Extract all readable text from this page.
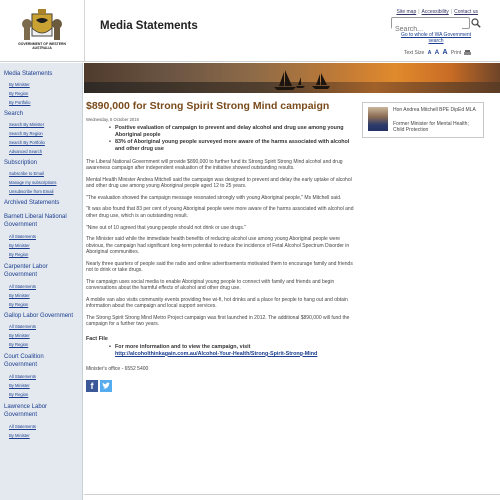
GOVERNMENT OF WESTERN AUSTRALIA
Media Statements
Site map | Accessibility | Contact us
Search...
Go to whole of WA Government search
Text Size A A A Print
Media Statements
By Minister
By Region
By Portfolio
Search
Search By Minister
Search By Region
Search By Portfolio
Advanced Search
Subscription
Subscribe to Email
Manage my subscriptions
Unsubscribe from Email
Archived Statements
Barnett Liberal National Government
All Statements
By Minister
By Region
Carpenter Labor Government
All Statements
By Minister
By Region
Gallop Labor Government
All Statements
By Minister
By Region
Court Coalition Government
All Statements
By Minister
By Region
Lawrence Labor Government
All Statements
By Minister
$890,000 for Strong Spirit Strong Mind campaign
Wednesday, 5 October 2016
• Positive evaluation of campaign to prevent and delay alcohol and drug use among young Aboriginal people
• 83% of Aboriginal young people surveyed more aware of the harms associated with alcohol and other drug use

The Liberal National Government will provide $890,000 to further fund its Strong Spirit Strong Mind alcohol and drug awareness campaign after independent evaluation of the initiative showed outstanding results.

Mental Health Minister Andrea Mitchell said the campaign was designed to prevent and delay the early uptake of alcohol and other drug use among young Aboriginal people aged 12 to 25 years.

"The evaluation showed the campaign message resonated strongly with young Aboriginal people," Ms Mitchell said.

"It was also found that 83 per cent of young Aboriginal people were more aware of the harms associated with alcohol and other drug use, which is an outstanding result.

"Nine out of 10 agreed that young people should not drink or use drugs."

The Minister said while the immediate health benefits of reducing alcohol use among young Aboriginal people were obvious, the campaign had significant long-term potential to reduce the incidence of Fetal Alcohol Spectrum Disorder in Aboriginal communities.

Nearly three quarters of people said the radio and online advertisements motivated them to encourage family and friends not to drink or take drugs.

The campaign uses social media to enable Aboriginal young people to connect with family and friends and begin conversations about the harmful effects of alcohol and other drug use.

A mobile van also visits community events providing free wi-fi, hot drinks and a place for people to hang out and obtain information about the campaign and local support services.

The Strong Spirit Strong Mind Metro Project campaign was first launched in 2012. The additional $890,000 will fund the campaign for a further two years.

Fact File
• For more information and to view the campaign, visit
http://alcoholthinkagain.com.au/Alcohol-Your-Health/Strong-Spirit-Strong-Mind
Minister's office - 6552 5400
f
Hon Andrea Mitchell BPE DipEd MLA
Former Minister for Mental Health; Child Protection
